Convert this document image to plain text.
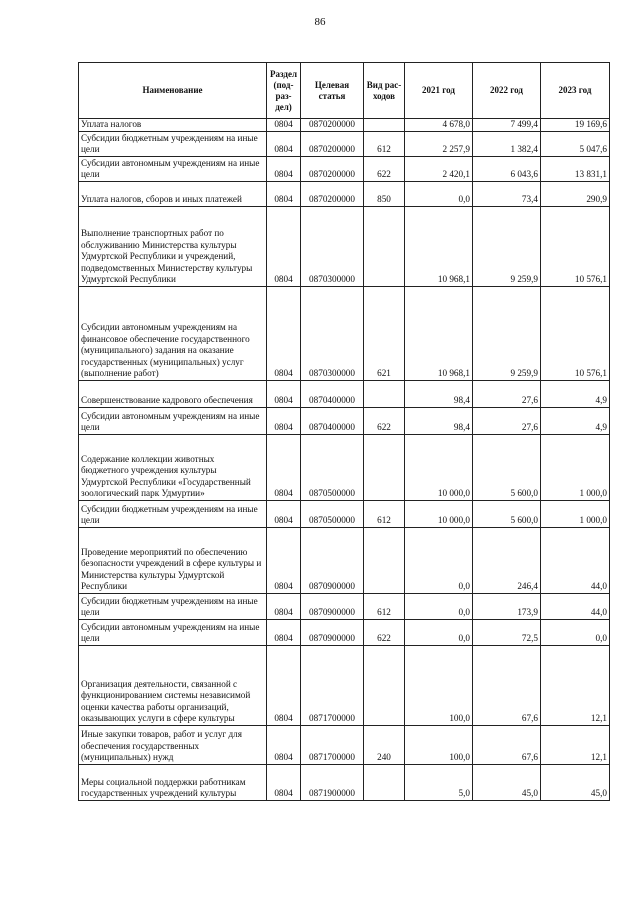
86
Наименование	Раздел (под-раз-дел)	Целевая статья	Вид рас-ходов	2021 год	2022 год	2023 год
Уплата налогов	0804	0870200000		4 678,0	7 499,4	19 169,6
Субсидии бюджетным учреждениям на иные цели	0804	0870200000	612	2 257,9	1 382,4	5 047,6
Субсидии автономным учреждениям на иные цели	0804	0870200000	622	2 420,1	6 043,6	13 831,1
Уплата налогов, сборов и иных платежей	0804	0870200000	850	0,0	73,4	290,9
Выполнение транспортных работ по обслуживанию Министерства культуры Удмуртской Республики и учреждений, подведомственных Министерству культуры Удмуртской Республики	0804	0870300000		10 968,1	9 259,9	10 576,1
Субсидии автономным учреждениям на финансовое обеспечение государственного (муниципального) задания на оказание государственных (муниципальных) услуг (выполнение работ)	0804	0870300000	621	10 968,1	9 259,9	10 576,1
Совершенствование кадрового обеспечения	0804	0870400000		98,4	27,6	4,9
Субсидии автономным учреждениям на иные цели	0804	0870400000	622	98,4	27,6	4,9
Содержание коллекции животных бюджетного учреждения культуры Удмуртской Республики «Государственный зоологический парк Удмуртии»	0804	0870500000		10 000,0	5 600,0	1 000,0
Субсидии бюджетным учреждениям на иные цели	0804	0870500000	612	10 000,0	5 600,0	1 000,0
Проведение мероприятий по обеспечению безопасности учреждений в сфере культуры и Министерства культуры Удмуртской Республики	0804	0870900000		0,0	246,4	44,0
Субсидии бюджетным учреждениям на иные цели	0804	0870900000	612	0,0	173,9	44,0
Субсидии автономным учреждениям на иные цели	0804	0870900000	622	0,0	72,5	0,0
Организация деятельности, связанной с функционированием системы независимой оценки качества работы организаций, оказывающих услуги в сфере культуры	0804	0871700000		100,0	67,6	12,1
Иные закупки товаров, работ и услуг для обеспечения государственных (муниципальных) нужд	0804	0871700000	240	100,0	67,6	12,1
Меры социальной поддержки работникам государственных учреждений культуры	0804	0871900000		5,0	45,0	45,0
